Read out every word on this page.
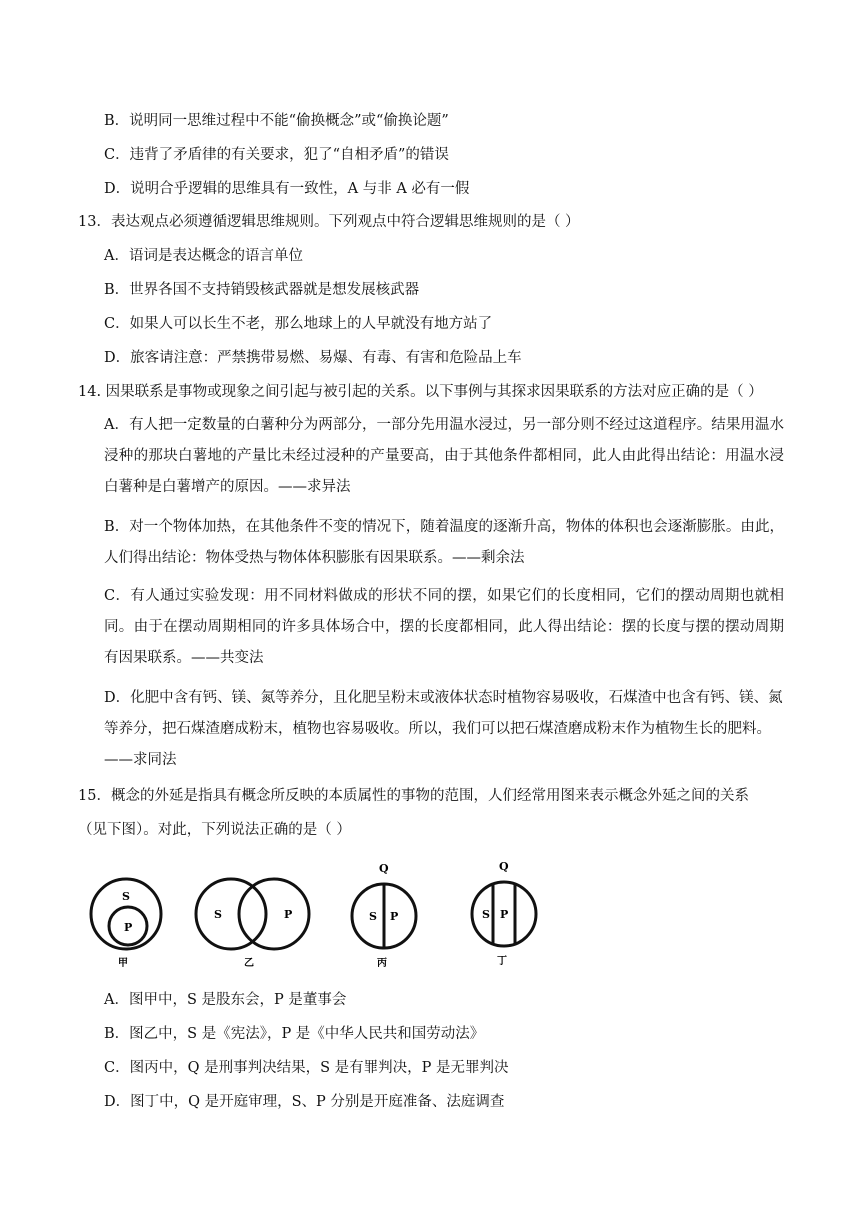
B．说明同一思维过程中不能“偷换概念”或“偷换论题”
C．违背了矛盾律的有关要求，犯了“自相矛盾”的错误
D．说明合乎逻辑的思维具有一致性，A 与非 A 必有一假
13．表达观点必须遵循逻辑思维规则。下列观点中符合逻辑思维规则的是（ ）
A．语词是表达概念的语言单位
B．世界各国不支持销毁核武器就是想发展核武器
C．如果人可以长生不老，那么地球上的人早就没有地方站了
D．旅客请注意：严禁携带易燃、易爆、有毒、有害和危险品上车
14. 因果联系是事物或现象之间引起与被引起的关系。以下事例与其探求因果联系的方法对应正确的是（ ）
A．有人把一定数量的白薯种分为两部分，一部分先用温水浸过，另一部分则不经过这道程序。结果用温水浸种的那块白薯地的产量比未经过浸种的产量要高，由于其他条件都相同，此人由此得出结论：用温水浸白薯种是白薯增产的原因。——求异法
B．对一个物体加热，在其他条件不变的情况下，随着温度的逐渐升高，物体的体积也会逐渐膨胀。由此，人们得出结论：物体受热与物体体积膨胀有因果联系。——剩余法
C．有人通过实验发现：用不同材料做成的形状不同的摆，如果它们的长度相同，它们的摆动周期也就相同。由于在摆动周期相同的许多具体场合中，摆的长度都相同，此人得出结论：摆的长度与摆的摆动周期有因果联系。——共变法
D．化肥中含有钙、镁、氮等养分，且化肥呈粉末或液体状态时植物容易吸收，石煤渣中也含有钙、镁、氮等养分，把石煤渣磨成粉末，植物也容易吸收。所以，我们可以把石煤渣磨成粉末作为植物生长的肥料。——求同法
15．概念的外延是指具有概念所反映的本质属性的事物的范围，人们经常用图来表示概念外延之间的关系
（见下图）。对此，下列说法正确的是（ ）
S
P
甲
S	P
乙
Q
S P
丙
Q
S P
丁
A．图甲中，S 是股东会，P 是董事会
B．图乙中，S 是《宪法》，P 是《中华人民共和国劳动法》
C．图丙中，Q 是刑事判决结果，S 是有罪判决，P 是无罪判决
D．图丁中，Q 是开庭审理，S、P 分别是开庭准备、法庭调查
